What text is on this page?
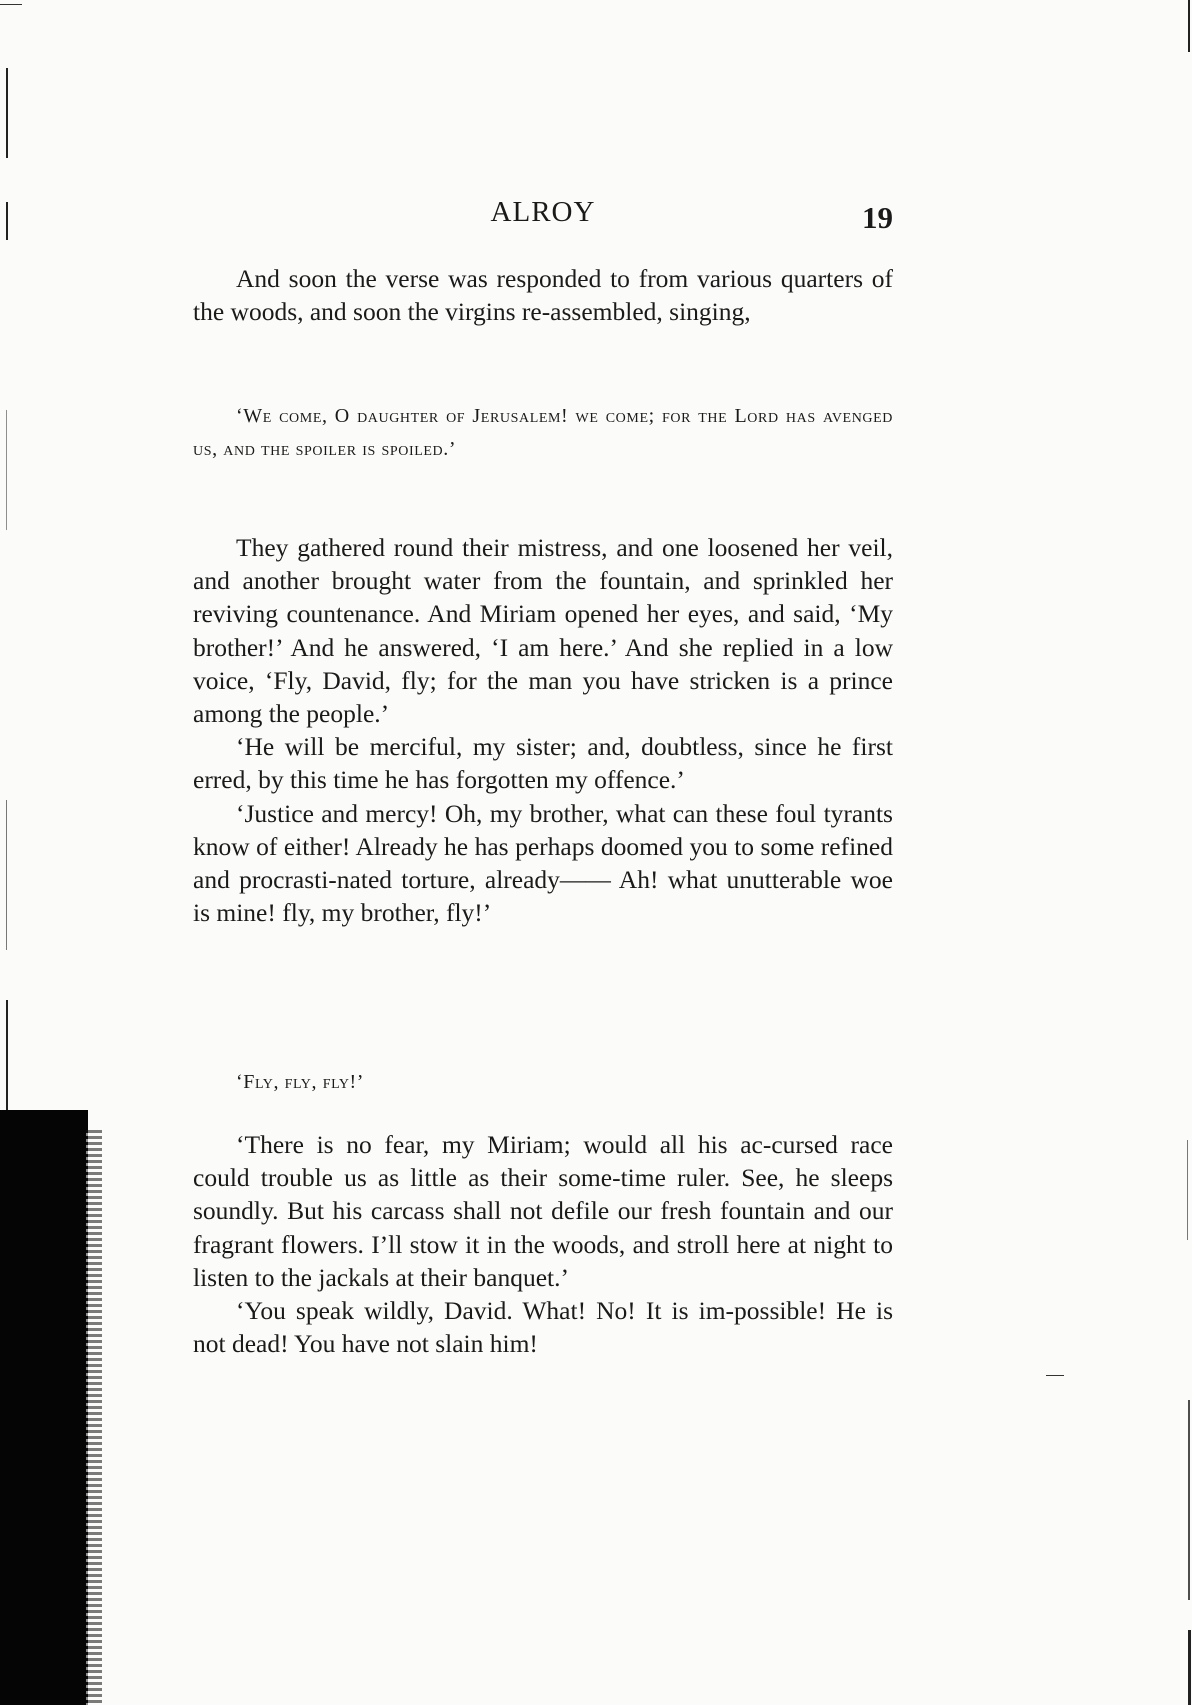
ALROY	19

And soon the verse was responded to from various quarters of the woods, and soon the virgins re-assembled, singing,

‘We come, O daughter of Jerusalem! we come; for the Lord has avenged us, and the spoiler is spoiled.’

They gathered round their mistress, and one loosened her veil, and another brought water from the fountain, and sprinkled her reviving countenance. And Miriam opened her eyes, and said, ‘My brother!’ And he answered, ‘I am here.’ And she replied in a low voice, ‘Fly, David, fly; for the man you have stricken is a prince among the people.’

‘He will be merciful, my sister; and, doubtless, since he first erred, by this time he has forgotten my offence.’

‘Justice and mercy! Oh, my brother, what can these foul tyrants know of either! Already he has perhaps doomed you to some refined and procrasti-nated torture, already—— Ah! what unutterable woe is mine! fly, my brother, fly!’

‘Fly, fly, fly!’

‘There is no fear, my Miriam; would all his ac-cursed race could trouble us as little as their some-time ruler. See, he sleeps soundly. But his carcass shall not defile our fresh fountain and our fragrant flowers. I’ll stow it in the woods, and stroll here at night to listen to the jackals at their banquet.’

‘You speak wildly, David. What! No! It is im-possible! He is not dead! You have not slain him!
